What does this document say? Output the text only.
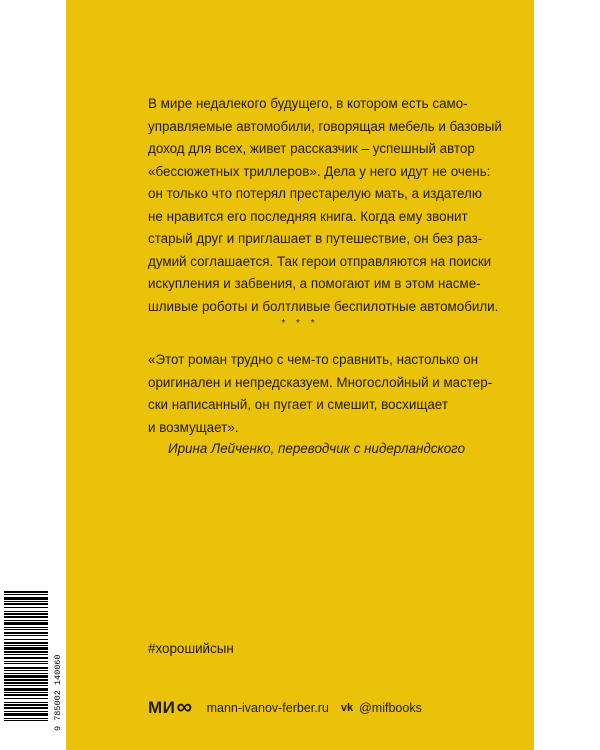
В мире недалекого будущего, в котором есть само-
управляемые автомобили, говорящая мебель и базовый
доход для всех, живет рассказчик – успешный автор
«бессюжетных триллеров». Дела у него идут не очень:
он только что потерял престарелую мать, а издателю
не нравится его последняя книга. Когда ему звонит
старый друг и приглашает в путешествие, он без раз-
думий соглашается. Так герои отправляются на поиски
искупления и забвения, а помогают им в этом насме-
шливые роботы и болтливые беспилотные автомобили.
* * *
«Этот роман трудно с чем-то сравнить, настолько он
оригинален и непредсказуем. Многослойный и мастер-
ски написанный, он пугает и смешит, восхищает
и возмущает».
Ирина Лейченко, переводчик с нидерландского
#хорошийсын
МИ ∞ mann-ivanov-ferber.ru vk @mifbooks
9 785002 140060
